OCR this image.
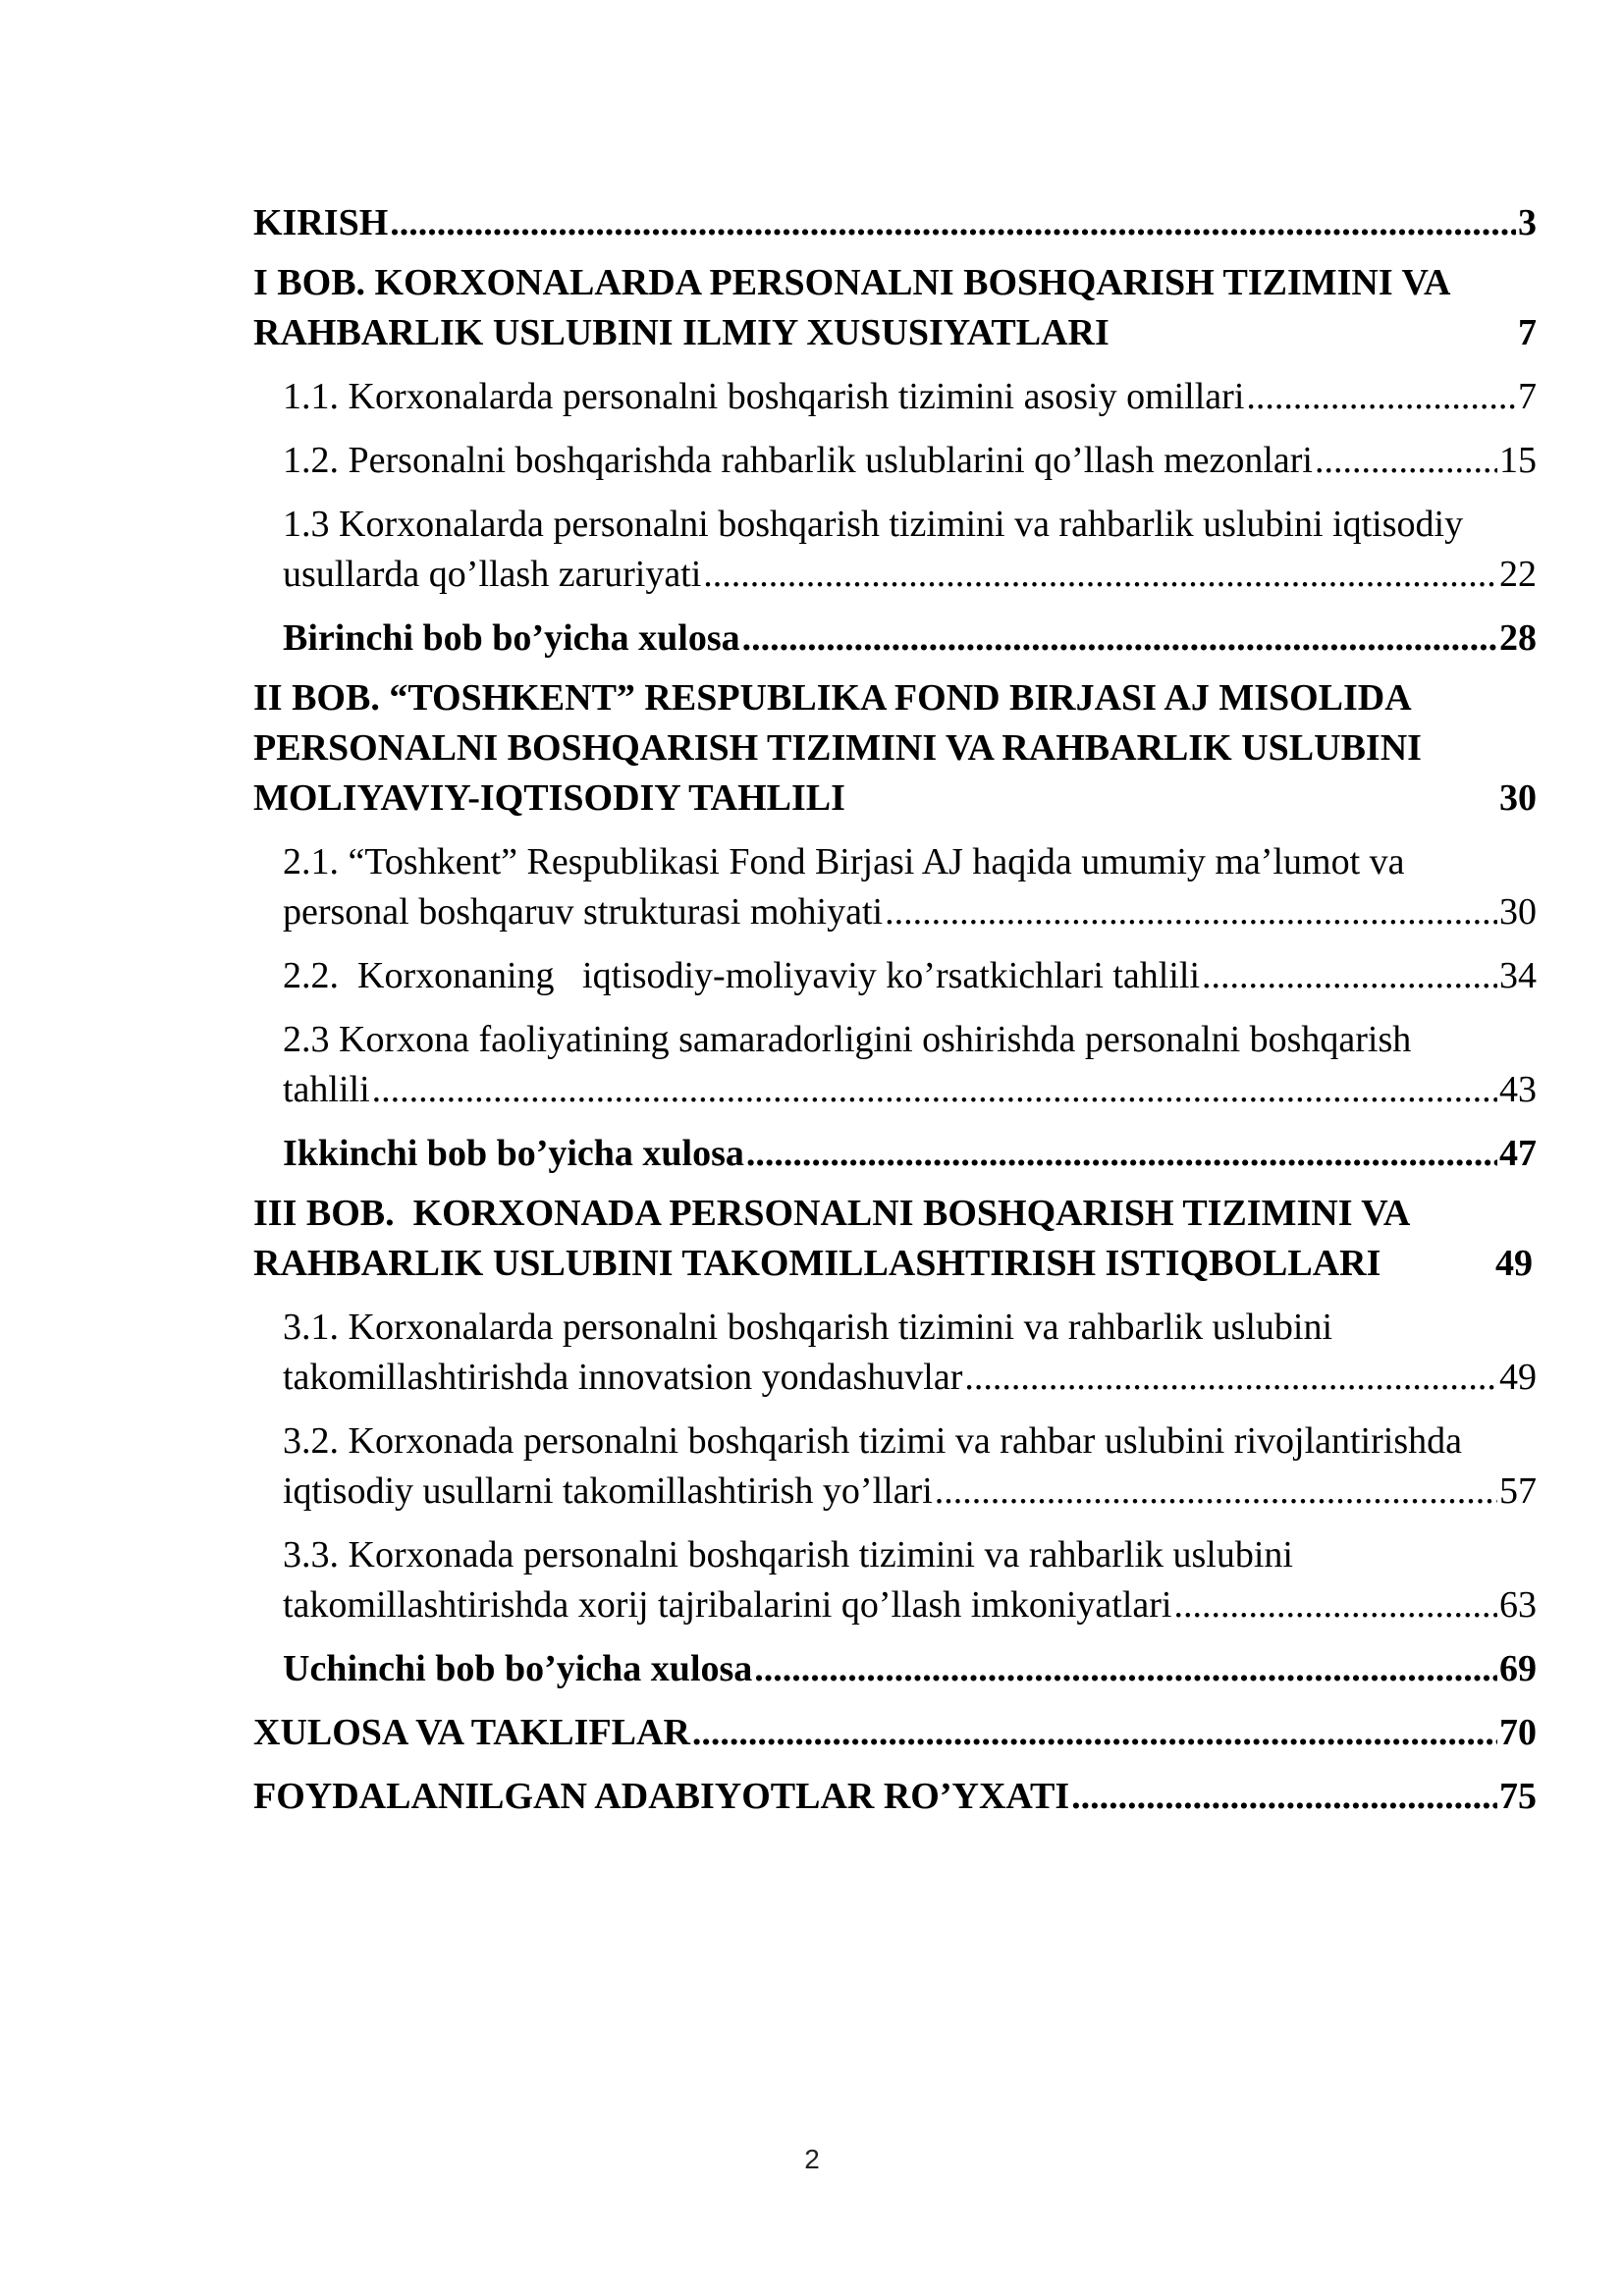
KIRISH .....	3
I BOB. KORXONALARDA PERSONALNI BOSHQARISH TIZIMINI VA
RAHBARLIK USLUBINI ILMIY XUSUSIYATLARI	7
1.1. Korxonalarda personalni boshqarish tizimini asosiy omillari .....	7
1.2. Personalni boshqarishda rahbarlik uslublarini qo’llash mezonlari .....	15
1.3 Korxonalarda personalni boshqarish tizimini va rahbarlik uslubini iqtisodiy
usullarda qo’llash zaruriyati .....	22
Birinchi bob bo’yicha xulosa .....	28
II BOB. “TOSHKENT” RESPUBLIKA FOND BIRJASI AJ MISOLIDA
PERSONALNI BOSHQARISH TIZIMINI VA RAHBARLIK USLUBINI
MOLIYAVIY-IQTISODIY TAHLILI	30
2.1. “Toshkent” Respublikasi Fond Birjasi AJ haqida umumiy ma’lumot va
personal boshqaruv strukturasi mohiyati .....	30
2.2.  Korxonaning   iqtisodiy-moliyaviy ko’rsatkichlari tahlili .....	34
2.3 Korxona faoliyatining samaradorligini oshirishda personalni boshqarish
tahlili .....	43
Ikkinchi bob bo’yicha xulosa .....	47
III BOB.  KORXONADA PERSONALNI BOSHQARISH TIZIMINI VA
RAHBARLIK USLUBINI TAKOMILLASHTIRISH ISTIQBOLLARI	49
3.1. Korxonalarda personalni boshqarish tizimini va rahbarlik uslubini
takomillashtirishda innovatsion yondashuvlar .....	49
3.2. Korxonada personalni boshqarish tizimi va rahbar uslubini rivojlantirishda
iqtisodiy usullarni takomillashtirish yo’llari .....	57
3.3. Korxonada personalni boshqarish tizimini va rahbarlik uslubini
takomillashtirishda xorij tajribalarini qo’llash imkoniyatlari .....	63
Uchinchi bob bo’yicha xulosa .....	69
XULOSA VA TAKLIFLAR .....	70
FOYDALANILGAN ADABIYOTLAR RO’YXATI .....	75
2
